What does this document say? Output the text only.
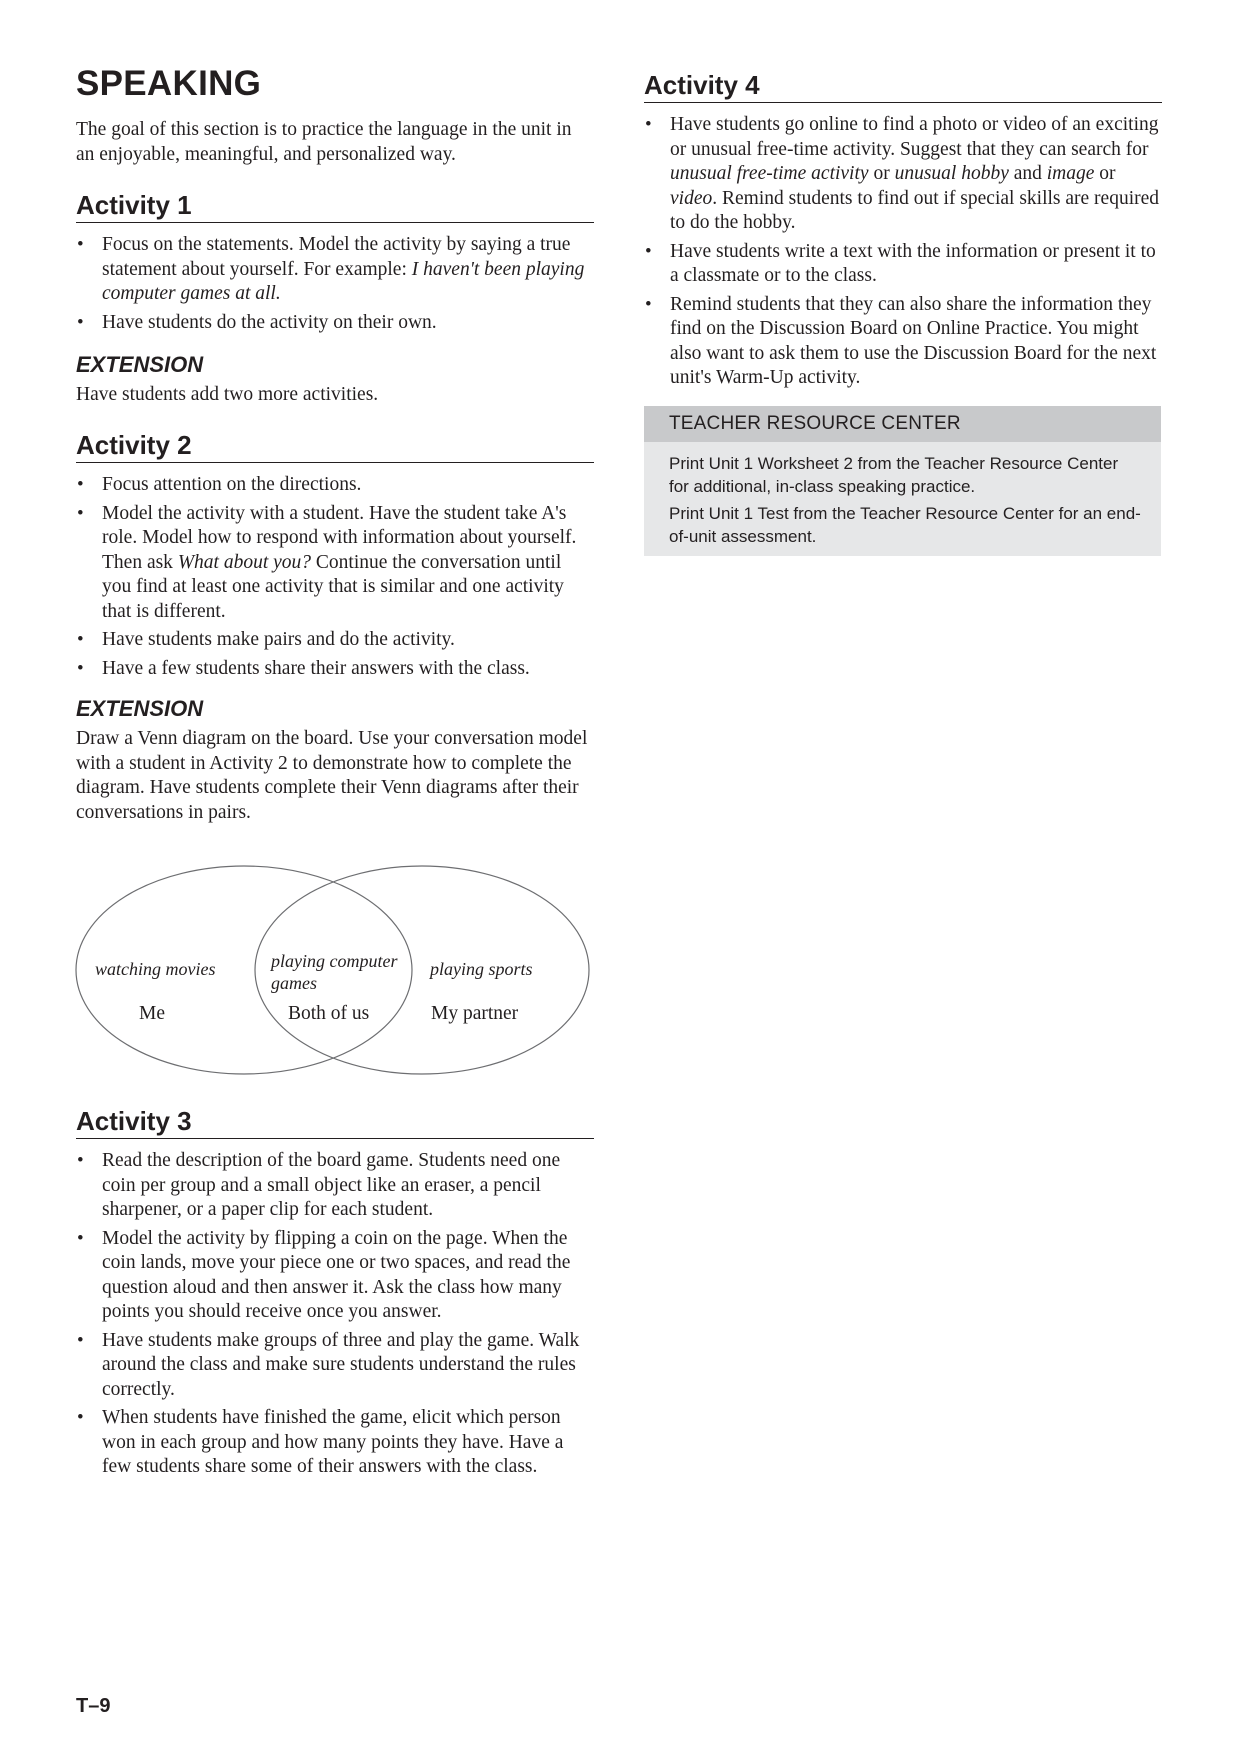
SPEAKING

The goal of this section is to practice the language in the unit in an enjoyable, meaningful, and personalized way.

Activity 1
• Focus on the statements. Model the activity by saying a true statement about yourself. For example: I haven't been playing computer games at all.
• Have students do the activity on their own.

EXTENSION

Have students add two more activities.

Activity 2
• Focus attention on the directions.
• Model the activity with a student. Have the student take A's role. Model how to respond with information about yourself. Then ask What about you? Continue the conversation until you find at least one activity that is similar and one activity that is different.
• Have students make pairs and do the activity.
• Have a few students share their answers with the class.

EXTENSION

Draw a Venn diagram on the board. Use your conversation model with a student in Activity 2 to demonstrate how to complete the diagram. Have students complete their Venn diagrams after their conversations in pairs.

watching movies	playing computer
games
playing sports
Me	Both of us	My partner
Activity 3
• Read the description of the board game. Students need one coin per group and a small object like an eraser, a pencil sharpener, or a paper clip for each student.
• Model the activity by flipping a coin on the page. When the coin lands, move your piece one or two spaces, and read the question aloud and then answer it. Ask the class how many points you should receive once you answer.
• Have students make groups of three and play the game. Walk around the class and make sure students understand the rules correctly.
• When students have finished the game, elicit which person won in each group and how many points they have. Have a few students share some of their answers with the class.
Activity 4
• Have students go online to find a photo or video of an exciting or unusual free-time activity. Suggest that they can search for unusual free-time activity or unusual hobby and image or video. Remind students to find out if special skills are required to do the hobby.
• Have students write a text with the information or present it to a classmate or to the class.
• Remind students that they can also share the information they find on the Discussion Board on Online Practice. You might also want to ask them to use the Discussion Board for the next unit's Warm-Up activity.
TEACHER RESOURCE CENTER

Print Unit 1 Worksheet 2 from the Teacher Resource Center for additional, in-class speaking practice.

Print Unit 1 Test from the Teacher Resource Center for an end-of-unit assessment.

T–9
